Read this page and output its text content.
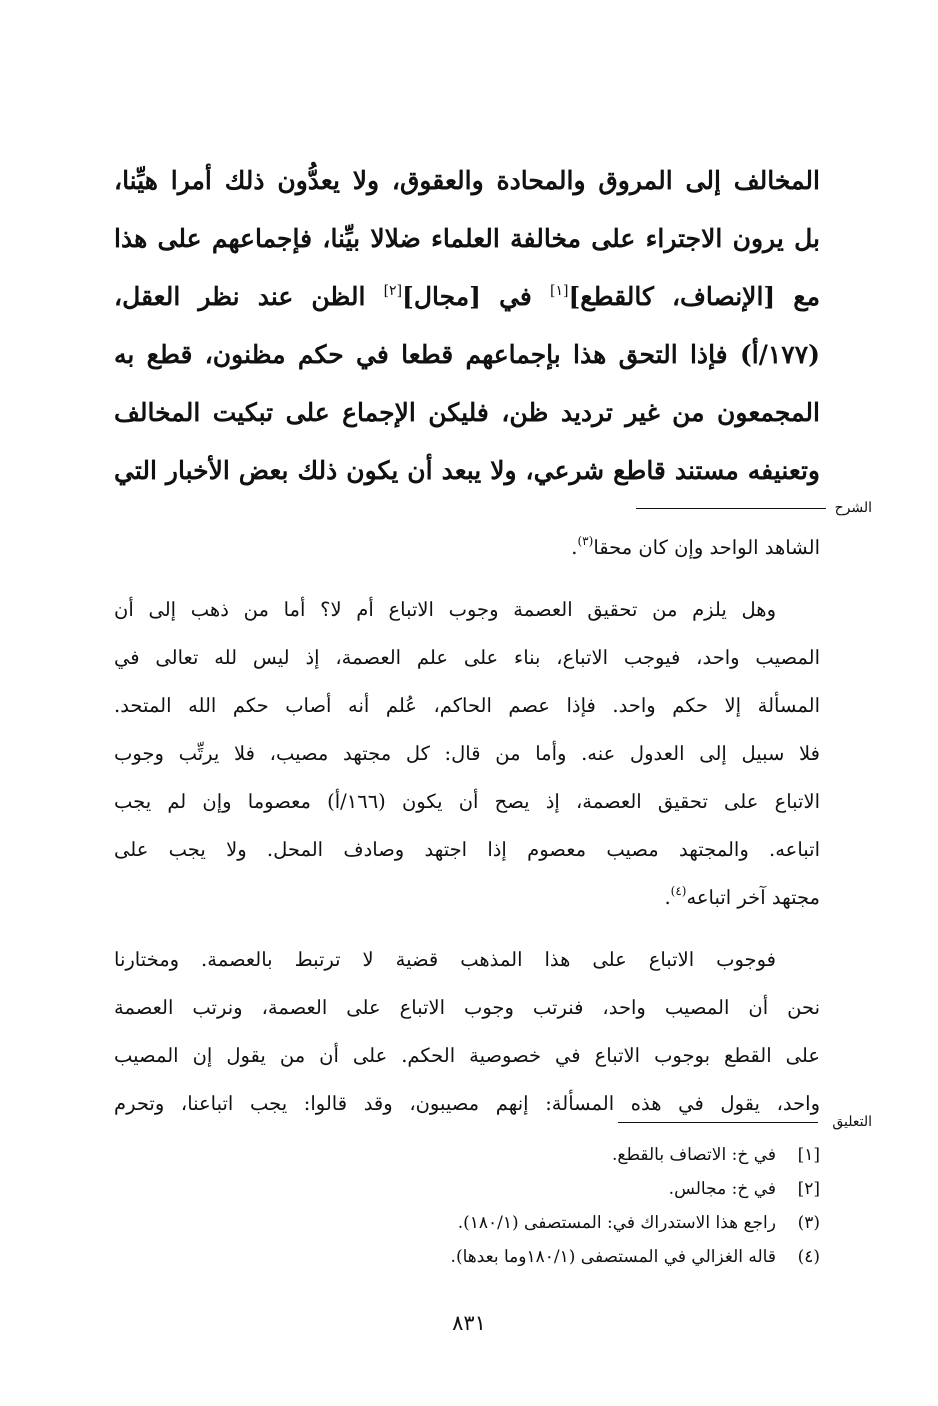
المخالف إلى المروق والمحادة والعقوق، ولا يعدُّون ذلك أمرا هيِّنا،
بل يرون الاجتراء على مخالفة العلماء ضلالا بيِّنا، فإجماعهم على هذا
مع [الإنصاف، كالقطع][١] في [مجال][٢] الظن عند نظر العقل،
(١٧٧/أ) فإذا التحق هذا بإجماعهم قطعا في حكم مظنون، قطع به
المجمعون من غير ترديد ظن، فليكن الإجماع على تبكيت المخالف
وتعنيفه مستند قاطع شرعي، ولا يبعد أن يكون ذلك بعض الأخبار التي
الشرح
الشاهد الواحد وإن كان محقا$^{(٣)}$.
وهل يلزم من تحقيق العصمة وجوب الاتباع أم لا؟ أما من ذهب إلى أن
المصيب واحد، فيوجب الاتباع، بناء على علم العصمة، إذ ليس لله تعالى في
المسألة إلا حكم واحد. فإذا عصم الحاكم، عُلم أنه أصاب حكم الله المتحد.
فلا سبيل إلى العدول عنه. وأما من قال: كل مجتهد مصيب، فلا يرتِّب وجوب
الاتباع على تحقيق العصمة، إذ يصح أن يكون (١٦٦/أ) معصوما وإن لم يجب
اتباعه. والمجتهد مصيب معصوم إذا اجتهد وصادف المحل. ولا يجب على
مجتهد آخر اتباعه$^{(٤)}$.
فوجوب الاتباع على هذا المذهب قضية لا ترتبط بالعصمة. ومختارنا
نحن أن المصيب واحد، فنرتب وجوب الاتباع على العصمة، ونرتب العصمة
على القطع بوجوب الاتباع في خصوصية الحكم. على أن من يقول إن المصيب
واحد، يقول في هذه المسألة: إنهم مصيبون، وقد قالوا: يجب اتباعنا، وتحرم
التعليق
[١]
في خ: الاتصاف بالقطع.
[٢]
في خ: مجالس.
(٣)
راجع هذا الاستدراك في: المستصفى (١٨٠/١).
(٤)
قاله الغزالي في المستصفى (١٨٠/١وما بعدها).
٨٣١
